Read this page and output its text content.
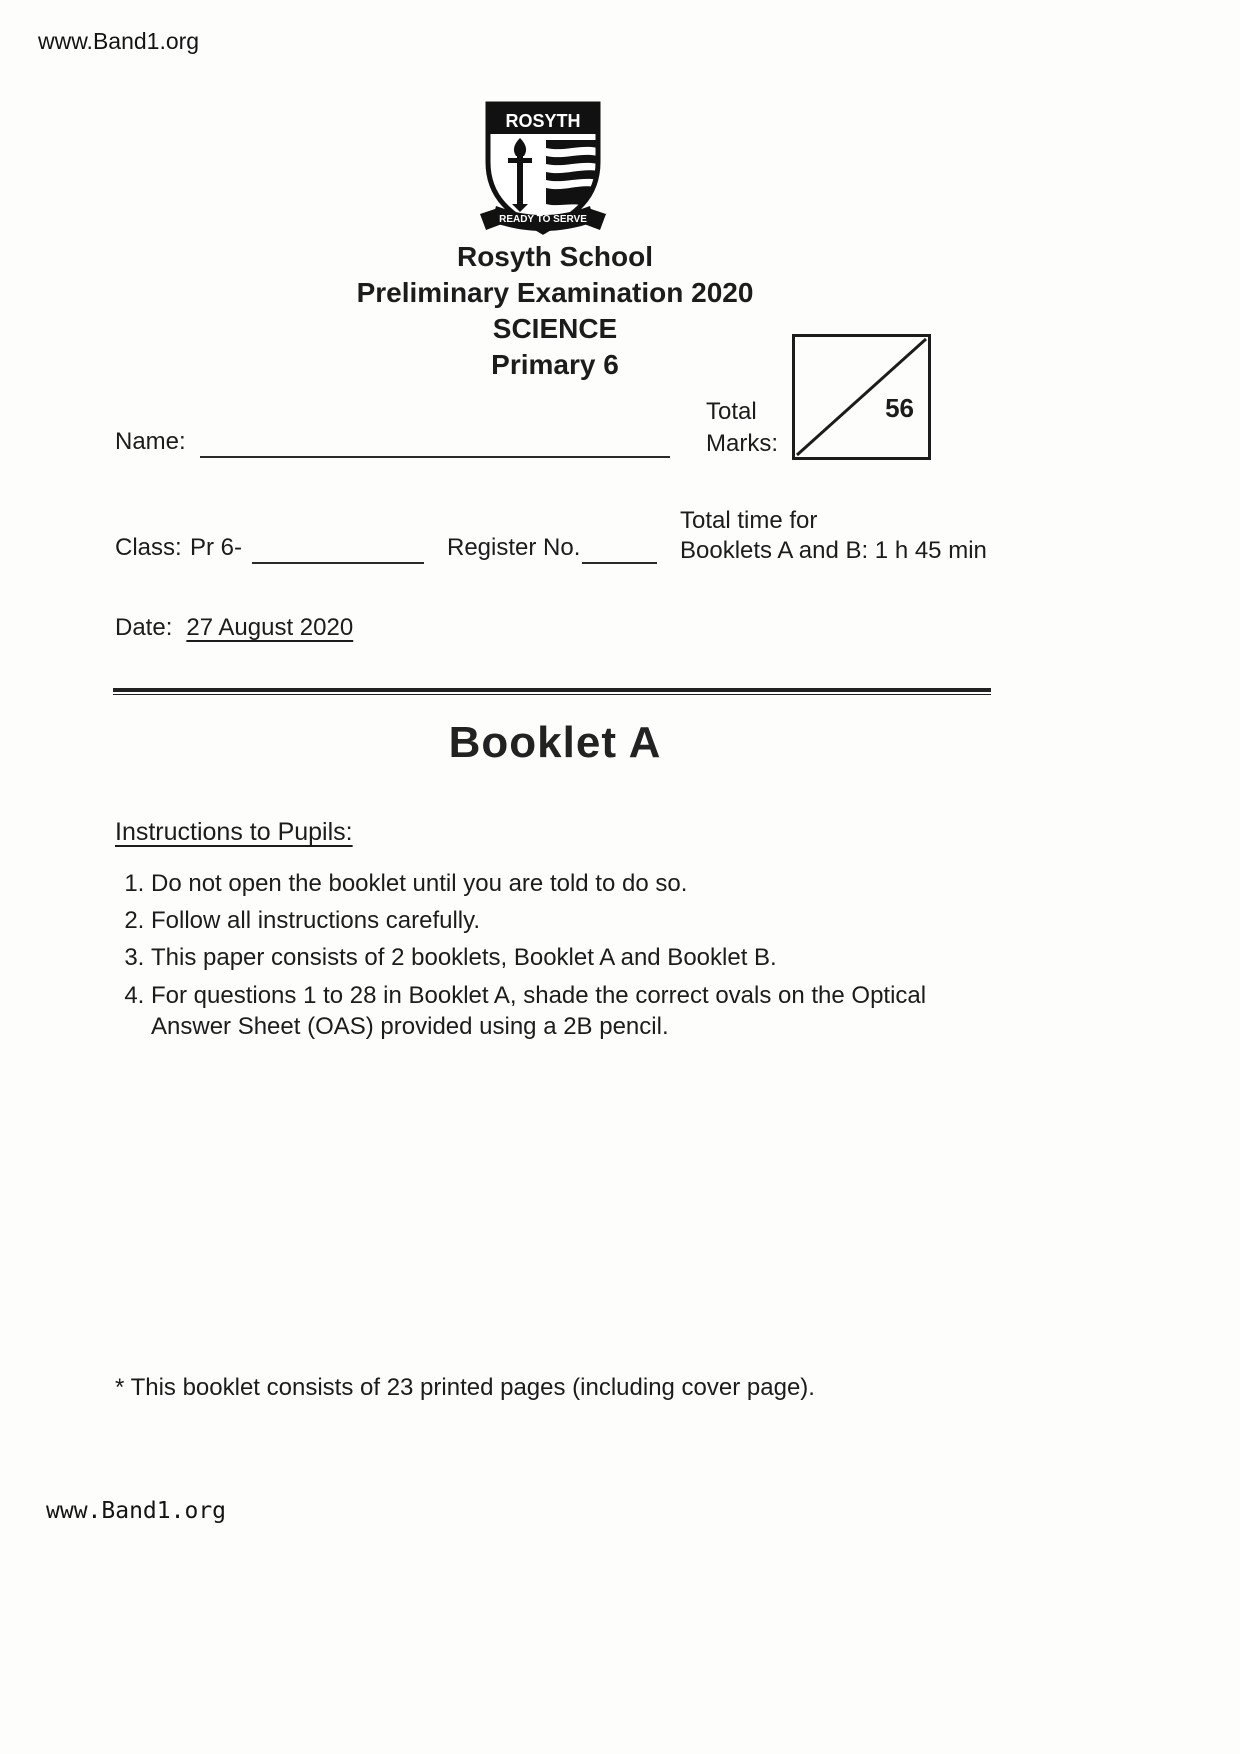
www.Band1.org
ROSYTH
READY TO SERVE
Rosyth School
Preliminary Examination 2020
SCIENCE
Primary 6
Total
Marks:
56
Name:
Class: Pr 6-	Register No.
Total time for
Booklets A and B: 1 h 45 min
Date: 27 August 2020
Booklet A
Instructions to Pupils:
1. Do not open the booklet until you are told to do so.
2. Follow all instructions carefully.
3. This paper consists of 2 booklets, Booklet A and Booklet B.
4. For questions 1 to 28 in Booklet A, shade the correct ovals on the Optical Answer Sheet (OAS) provided using a 2B pencil.
* This booklet consists of 23 printed pages (including cover page).
www.Band1.org
